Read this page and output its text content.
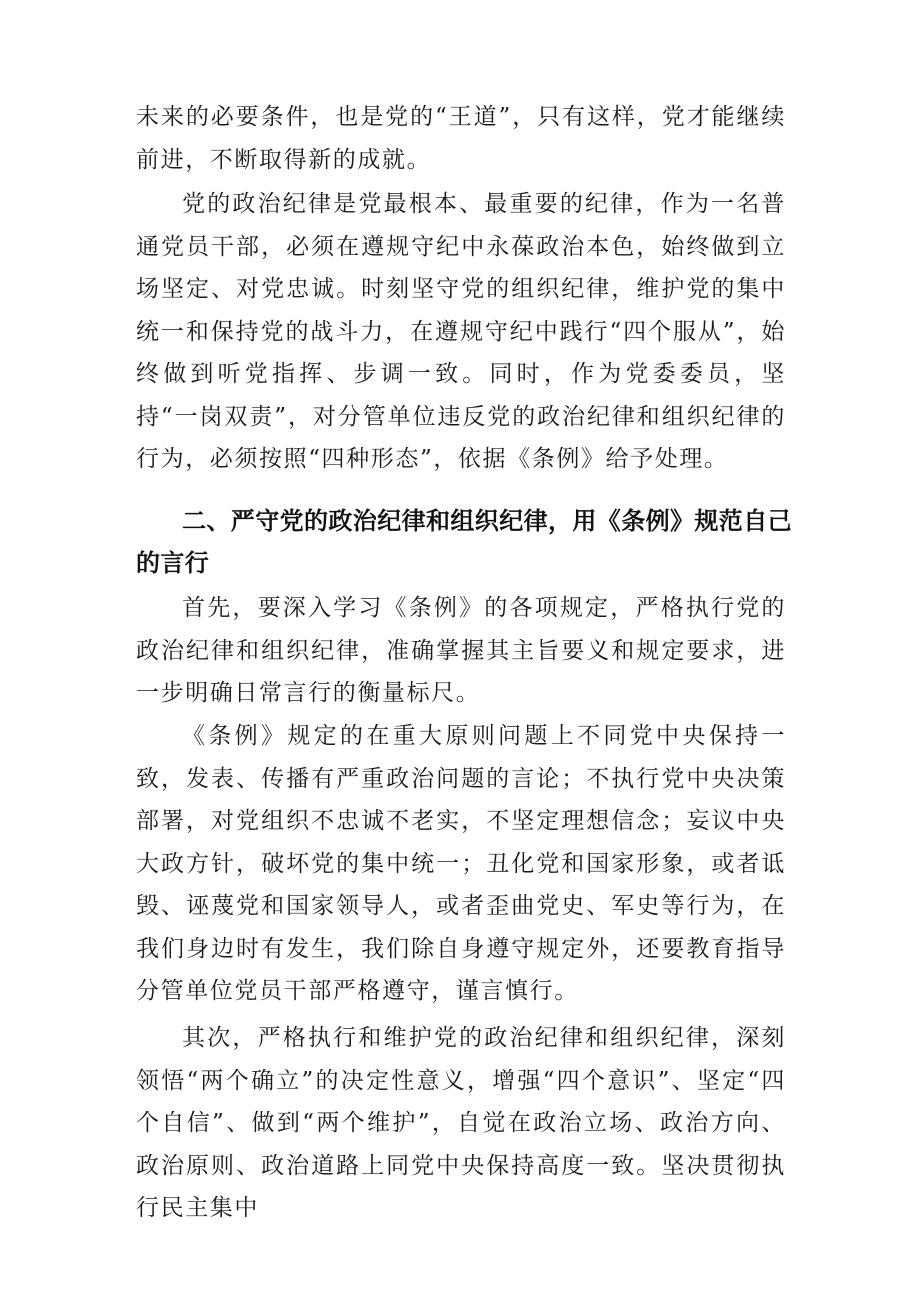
未来的必要条件，也是党的“王道”，只有这样，党才能继续前进，不断取得新的成就。

党的政治纪律是党最根本、最重要的纪律，作为一名普通党员干部，必须在遵规守纪中永葆政治本色，始终做到立场坚定、对党忠诚。时刻坚守党的组织纪律，维护党的集中统一和保持党的战斗力，在遵规守纪中践行“四个服从”，始终做到听党指挥、步调一致。同时，作为党委委员，坚持“一岗双责”，对分管单位违反党的政治纪律和组织纪律的行为，必须按照“四种形态”，依据《条例》给予处理。

二、严守党的政治纪律和组织纪律，用《条例》规范自己的言行

首先，要深入学习《条例》的各项规定，严格执行党的政治纪律和组织纪律，准确掌握其主旨要义和规定要求，进一步明确日常言行的衡量标尺。

《条例》规定的在重大原则问题上不同党中央保持一致，发表、传播有严重政治问题的言论；不执行党中央决策部署，对党组织不忠诚不老实，不坚定理想信念；妄议中央大政方针，破坏党的集中统一；丑化党和国家形象，或者诋毁、诬蔑党和国家领导人，或者歪曲党史、军史等行为，在我们身边时有发生，我们除自身遵守规定外，还要教育指导分管单位党员干部严格遵守，谨言慎行。

其次，严格执行和维护党的政治纪律和组织纪律，深刻领悟“两个确立”的决定性意义，增强“四个意识”、坚定“四个自信”、做到“两个维护”，自觉在政治立场、政治方向、政治原则、政治道路上同党中央保持高度一致。坚决贯彻执行民主集中
